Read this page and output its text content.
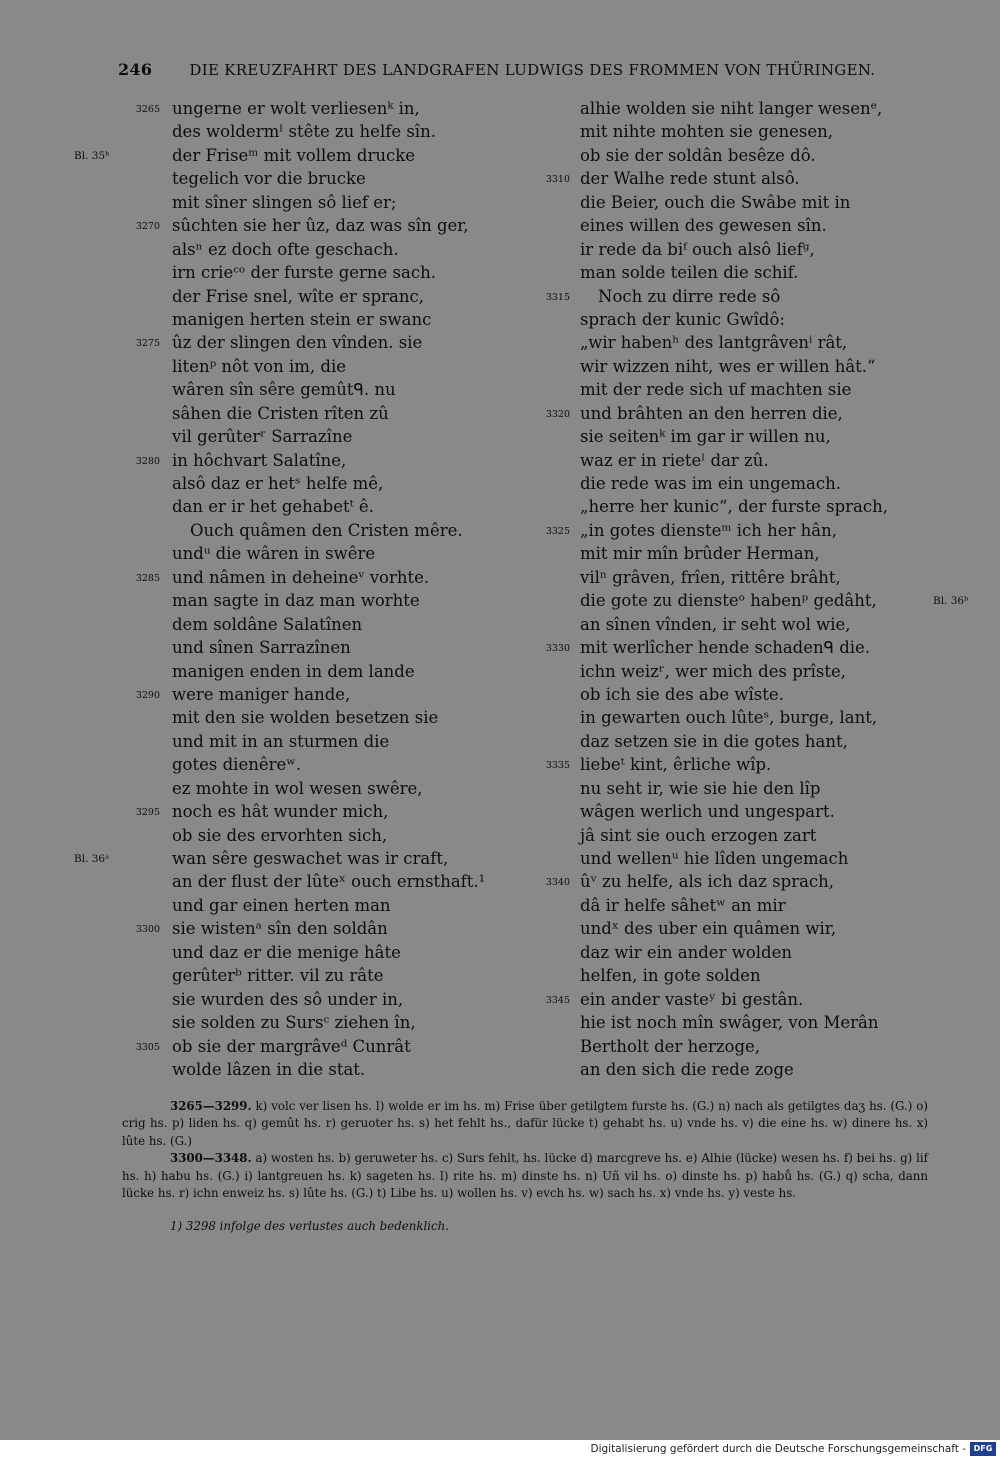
246 DIE KREUZFAHRT DES LANDGRAFEN LUDWIGS DES FROMMEN VON THÜRINGEN.
3265 ungerne er wolt verliesenᵏ in,
des woldermˡ stête zu helfe sîn.
Bl. 35ᵇ	der Friseᵐ mit vollem drucke
tegelich vor die brucke
mit sîner slingen sô lief er;
3270 sûchten sie her ûz, daz was sîn ger,
alsⁿ ez doch ofte geschach.
irn crieᶜᵒ der furste gerne sach.
der Frise snel, wîte er spranc,
manigen herten stein er swanc
3275 ûz der slingen den vînden. sie
litenᵖ nôt von im, die
wâren sîn sêre gemûtᑫ. nu
sâhen die Cristen rîten zû
vil gerûterʳ Sarrazîne
3280 in hôchvart Salatîne,
alsô daz er hetˢ helfe mê,
dan er ir het gehabetᵗ ê.
Ouch quâmen den Cristen mêre.
undᵘ die wâren in swêre
3285 und nâmen in deheineᵛ vorhte.
man sagte in daz man worhte
dem soldâne Salatînen
und sînen Sarrazînen
manigen enden in dem lande
3290 were maniger hande,
mit den sie wolden besetzen sie
und mit in an sturmen die
gotes dienêreʷ.
ez mohte in wol wesen swêre,
3295 noch es hât wunder mich,
ob sie des ervorhten sich,
Bl. 36ᵃ	wan sêre geswachet was ir craft,
an der flust der lûteˣ ouch ernsthaft.¹
und gar einen herten man
3300 sie wistenᵃ sîn den soldân
und daz er die menige hâte
gerûterᵇ ritter. vil zu râte
sie wurden des sô under in,
sie solden zu Sursᶜ ziehen în,
3305 ob sie der margrâveᵈ Cunrât
wolde lâzen in die stat.
alhie wolden sie niht langer wesenᵉ,
mit nihte mohten sie genesen,
ob sie der soldân besêze dô.
3310 der Walhe rede stunt alsô.
die Beier, ouch die Swâbe mit in
eines willen des gewesen sîn.
ir rede da biᶠ ouch alsô liefᵍ,
man solde teilen die schif.
3315	Noch zu dirre rede sô
sprach der kunic Gwîdô:
„wir habenʰ des lantgrâvenⁱ rât,
wir wizzen niht, wes er willen hât.“
mit der rede sich uf machten sie
3320 und brâhten an den herren die,
sie seitenᵏ im gar ir willen nu,
waz er in rieteˡ dar zû.
die rede was im ein ungemach.
„herre her kunic“, der furste sprach,
3325 „in gotes diensteᵐ ich her hân,
mit mir mîn brûder Herman,
vilⁿ grâven, frîen, rittêre brâht,
Bl. 36ᵇ
die gote zu diensteᵒ habenᵖ gedâht,
an sînen vînden, ir seht wol wie,
3330 mit werlîcher hende schadenᑫ die.
ichn weizʳ, wer mich des prîste,
ob ich sie des abe wîste.
in gewarten ouch lûteˢ, burge, lant,
daz setzen sie in die gotes hant,
3335 liebeᵗ kint, êrliche wîp.
nu seht ir, wie sie hie den lîp
wâgen werlich und ungespart.
jâ sint sie ouch erzogen zart
und wellenᵘ hie lîden ungemach
3340 ûᵛ zu helfe, als ich daz sprach,
dâ ir helfe sâhetʷ an mir
undˣ des uber ein quâmen wir,
daz wir ein ander wolden
helfen, in gote solden
3345 ein ander vasteʸ bi gestân.
hie ist noch mîn swâger, von Merân
Bertholt der herzoge,
an den sich die rede zoge

3265—3299. k) volc ver lisen hs. l) wolde er im hs. m) Frise über getilgtem furste hs. (G.) n) nach als getilgtes daʒ hs. (G.) o) crig hs. p) liden hs. q) gemût hs. r) geruoter hs. s) het fehlt hs., dafür lücke t) gehabt hs. u) vnde hs. v) die eine hs. w) dinere hs. x) lûte hs. (G.)

3300—3348. a) wosten hs. b) geruweter hs. c) Surs fehlt, hs. lücke d) marcgreve hs. e) Alhie (lücke) wesen hs. f) bei hs. g) lif hs. h) habu hs. (G.) i) lantgreuen hs. k) sageten hs. l) rite hs. m) dinste hs. n) Uñ vil hs. o) dinste hs. p) habů hs. (G.) q) scha, dann lücke hs. r) ichn enweiz hs. s) lûte hs. (G.) t) Libe hs. u) wollen hs. v) evch hs. w) sach hs. x) vnde hs. y) veste hs.

1) 3298 infolge des verlustes auch bedenklich.

Digitalisierung gefördert durch die Deutsche Forschungsgemeinschaft - DFG
